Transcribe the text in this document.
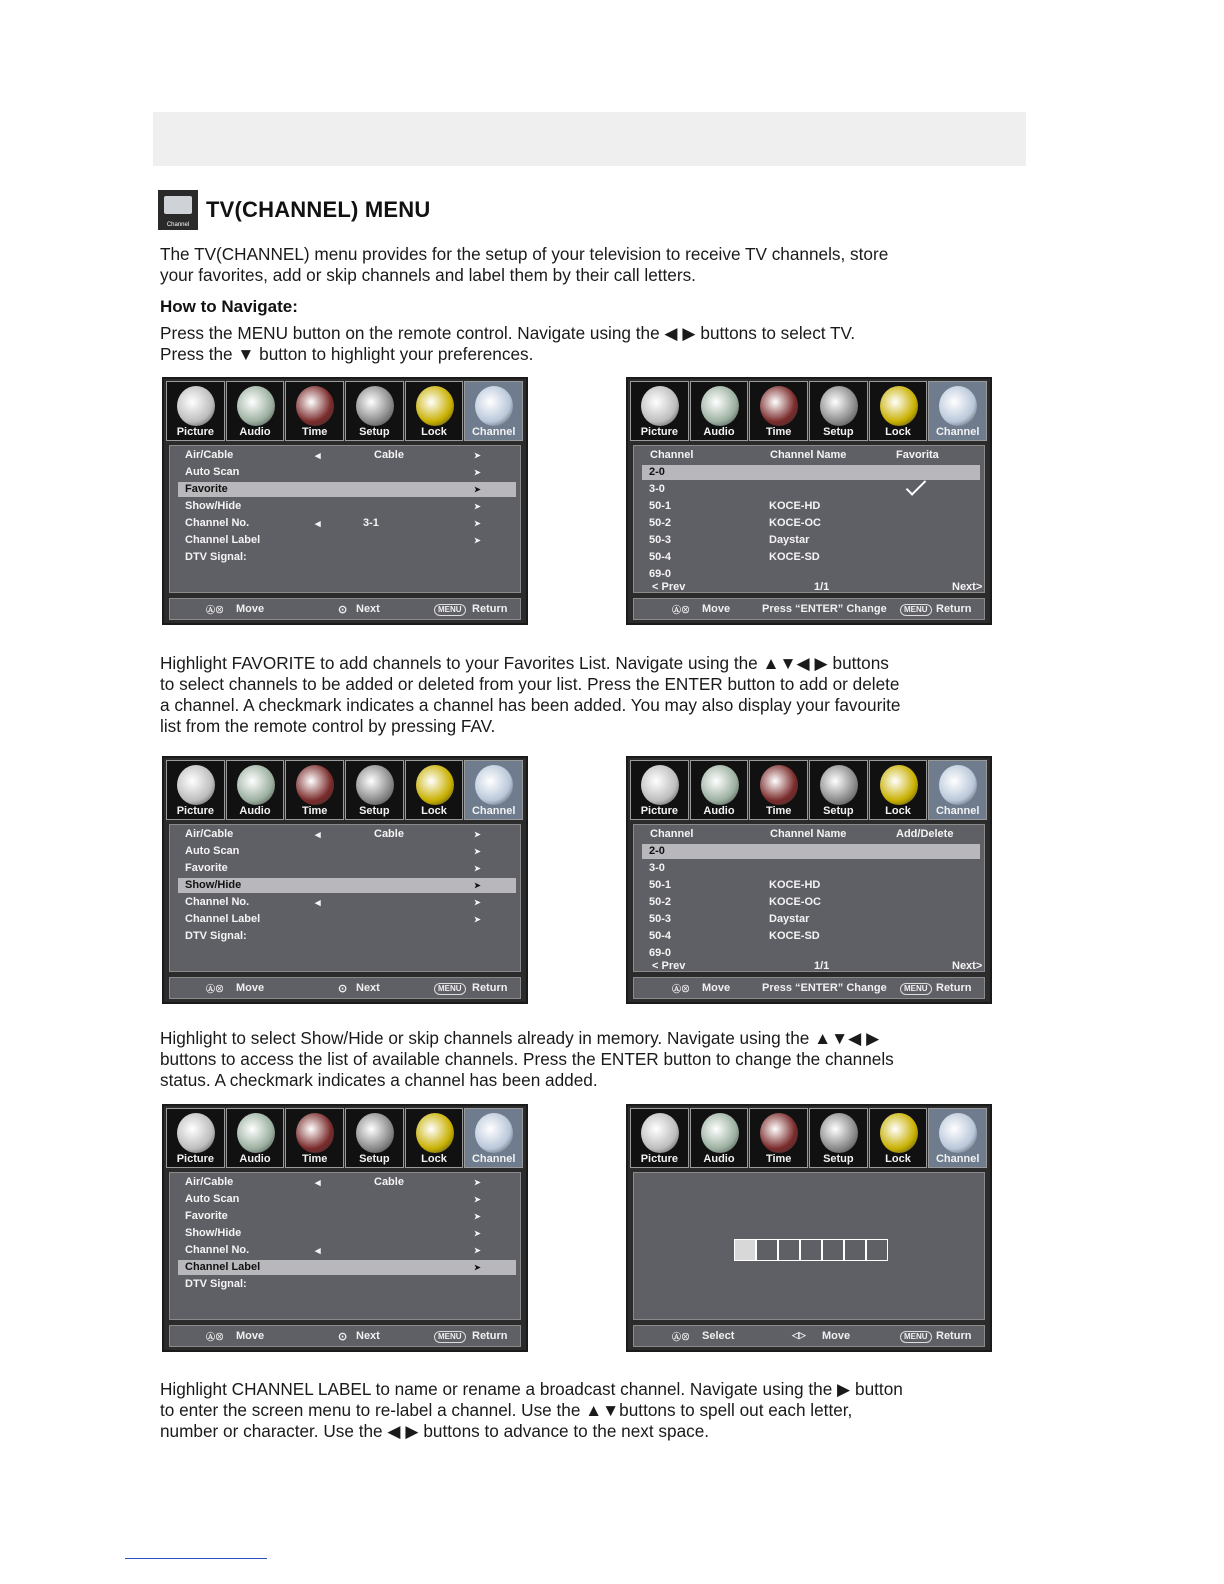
Channel
TV(CHANNEL) MENU

The TV(CHANNEL) menu provides for the setup of your television to receive TV channels, store

your favorites, add or skip channels and label them by their call letters.

How to Navigate:

Press the MENU button on the remote control. Navigate using the ◀ ▶ buttons to select TV.

Press the ▼ button to highlight your preferences.

Picture	Audio	Time	Setup	Lock	Channel
Air/Cable	◂	Cable	➤
Auto Scan	➤
Favorite	➤
Show/Hide	➤
Channel No.	◂	3-1	➤
Channel Label	➤
DTV Signal:
Ⓐ⊗ Move	⊙ Next	MENU Return
Picture	Audio	Time	Setup	Lock	Channel
Channel	Channel Name	Favorita
2-0
3-0
50-1	KOCE-HD
50-2	KOCE-OC
50-3	Daystar
50-4	KOCE-SD
69-0
< Prev	1/1	Next>
Ⓐ⊗ Move	Press “ENTER” Change	MENU Return

Highlight FAVORITE to add channels to your Favorites List. Navigate using the ▲▼◀ ▶ buttons

to select channels to be added or deleted from your list. Press the ENTER button to add or delete

a channel. A checkmark indicates a channel has been added. You may also display your favourite

list from the remote control by pressing FAV.

Picture	Audio	Time	Setup	Lock	Channel
Air/Cable	◂	Cable	➤
Auto Scan	➤
Favorite	➤
Show/Hide	➤
Channel No.	◂	➤
Channel Label	➤
DTV Signal:
Ⓐ⊗ Move	⊙ Next	MENU Return
Picture	Audio	Time	Setup	Lock	Channel
Channel	Channel Name	Add/Delete
2-0
3-0
50-1	KOCE-HD
50-2	KOCE-OC
50-3	Daystar
50-4	KOCE-SD
69-0
< Prev	1/1	Next>
Ⓐ⊗ Move	Press “ENTER” Change	MENU Return

Highlight to select Show/Hide or skip channels already in memory. Navigate using the ▲▼◀ ▶

buttons to access the list of available channels. Press the ENTER button to change the channels

status. A checkmark indicates a channel has been added.

Picture	Audio	Time	Setup	Lock	Channel
Air/Cable	◂	Cable	➤
Auto Scan	➤
Favorite	➤
Show/Hide	➤
Channel No.	◂	➤
Channel Label	➤
DTV Signal:
Ⓐ⊗ Move	⊙ Next	MENU Return
Picture	Audio	Time	Setup	Lock	Channel
Ⓐ⊗ Select	◁▷ Move	MENU Return

Highlight CHANNEL LABEL to name or rename a broadcast channel. Navigate using the ▶ button

to enter the screen menu to re-label a channel. Use the ▲▼buttons to spell out each letter,

number or character. Use the ◀ ▶ buttons to advance to the next space.
